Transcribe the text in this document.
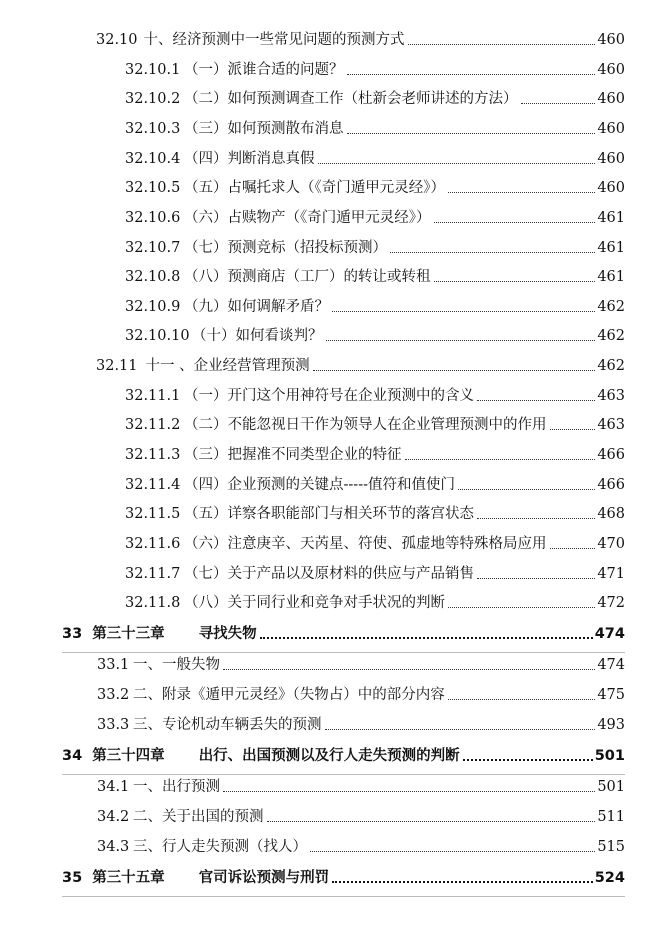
32.10 十、经济预测中一些常见问题的预测方式	460
32.10.1 （一）派谁合适的问题？	460
32.10.2 （二）如何预测调查工作（杜新会老师讲述的方法）	460
32.10.3 （三）如何预测散布消息	460
32.10.4 （四）判断消息真假	460
32.10.5 （五）占嘱托求人（《奇门遁甲元灵经》）	460
32.10.6 （六）占赎物产（《奇门遁甲元灵经》）	461
32.10.7 （七）预测竞标（招投标预测）	461
32.10.8 （八）预测商店（工厂）的转让或转租	461
32.10.9 （九）如何调解矛盾？	462
32.10.10 （十）如何看谈判？	462
32.11 十一 、企业经营管理预测	462
32.11.1 （一）开门这个用神符号在企业预测中的含义	463
32.11.2 （二）不能忽视日干作为领导人在企业管理预测中的作用	463
32.11.3 （三）把握准不同类型企业的特征	466
32.11.4 （四）企业预测的关键点-----值符和值使门	466
32.11.5 （五）详察各职能部门与相关环节的落宫状态	468
32.11.6 （六）注意庚辛、天芮星、符使、孤虚地等特殊格局应用	470
32.11.7 （七）关于产品以及原材料的供应与产品销售	471
32.11.8 （八）关于同行业和竞争对手状况的判断	472
33 第三十三章 寻找失物	474
33.1 一、一般失物	474
33.2 二、附录《遁甲元灵经》（失物占）中的部分内容	475
33.3 三、专论机动车辆丢失的预测	493
34 第三十四章 出行、出国预测以及行人走失预测的判断	501
34.1 一、出行预测	501
34.2 二、关于出国的预测	511
34.3 三、行人走失预测（找人）	515
35 第三十五章 官司诉讼预测与刑罚	524
